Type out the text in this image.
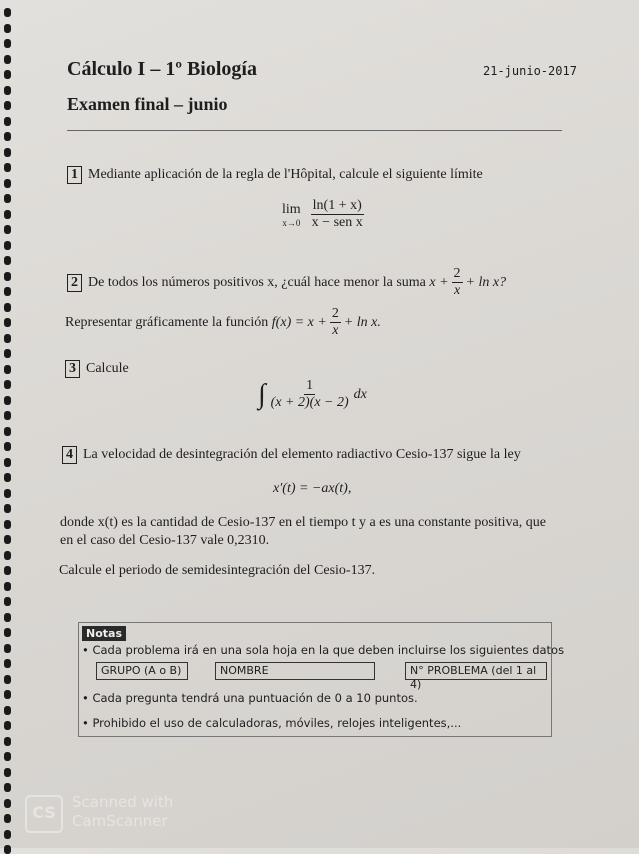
Cálculo I – 1º Biología	21-junio-2017
Examen final – junio
1 Mediante aplicación de la regla de l'Hôpital, calcule el siguiente límite
lim
$x\to 0 \frac{\ln(1 + x)}{\text{x − sen x}}$
2 De todos los números positivos x, ¿cuál hace menor la suma
$x + \frac{2}{x} + \ln x$?
Representar gráficamente la función
$f(x) = x + \frac{2}{x} + \ln x$.
3 Calcule
∫ $\frac{1}{(x + 2)(x - 2)}$ dx
4 La velocidad de desintegración del elemento radiactivo Cesio-137 sigue la ley
x′(t) = −ax(t),
donde x(t) es la cantidad de Cesio-137 en el tiempo t y a es una constante positiva, que
en el caso del Cesio-137 vale 0,2310.
Calcule el periodo de semidesintegración del Cesio-137.
Notas
• Cada problema irá en una sola hoja en la que deben incluirse los siguientes datos
GRUPO (A o B)	NOMBRE	N° PROBLEMA (del 1 al 4)
• Cada pregunta tendrá una puntuación de 0 a 10 puntos.
• Prohibido el uso de calculadoras, móviles, relojes inteligentes,...
CS
Scanned with
CamScanner
